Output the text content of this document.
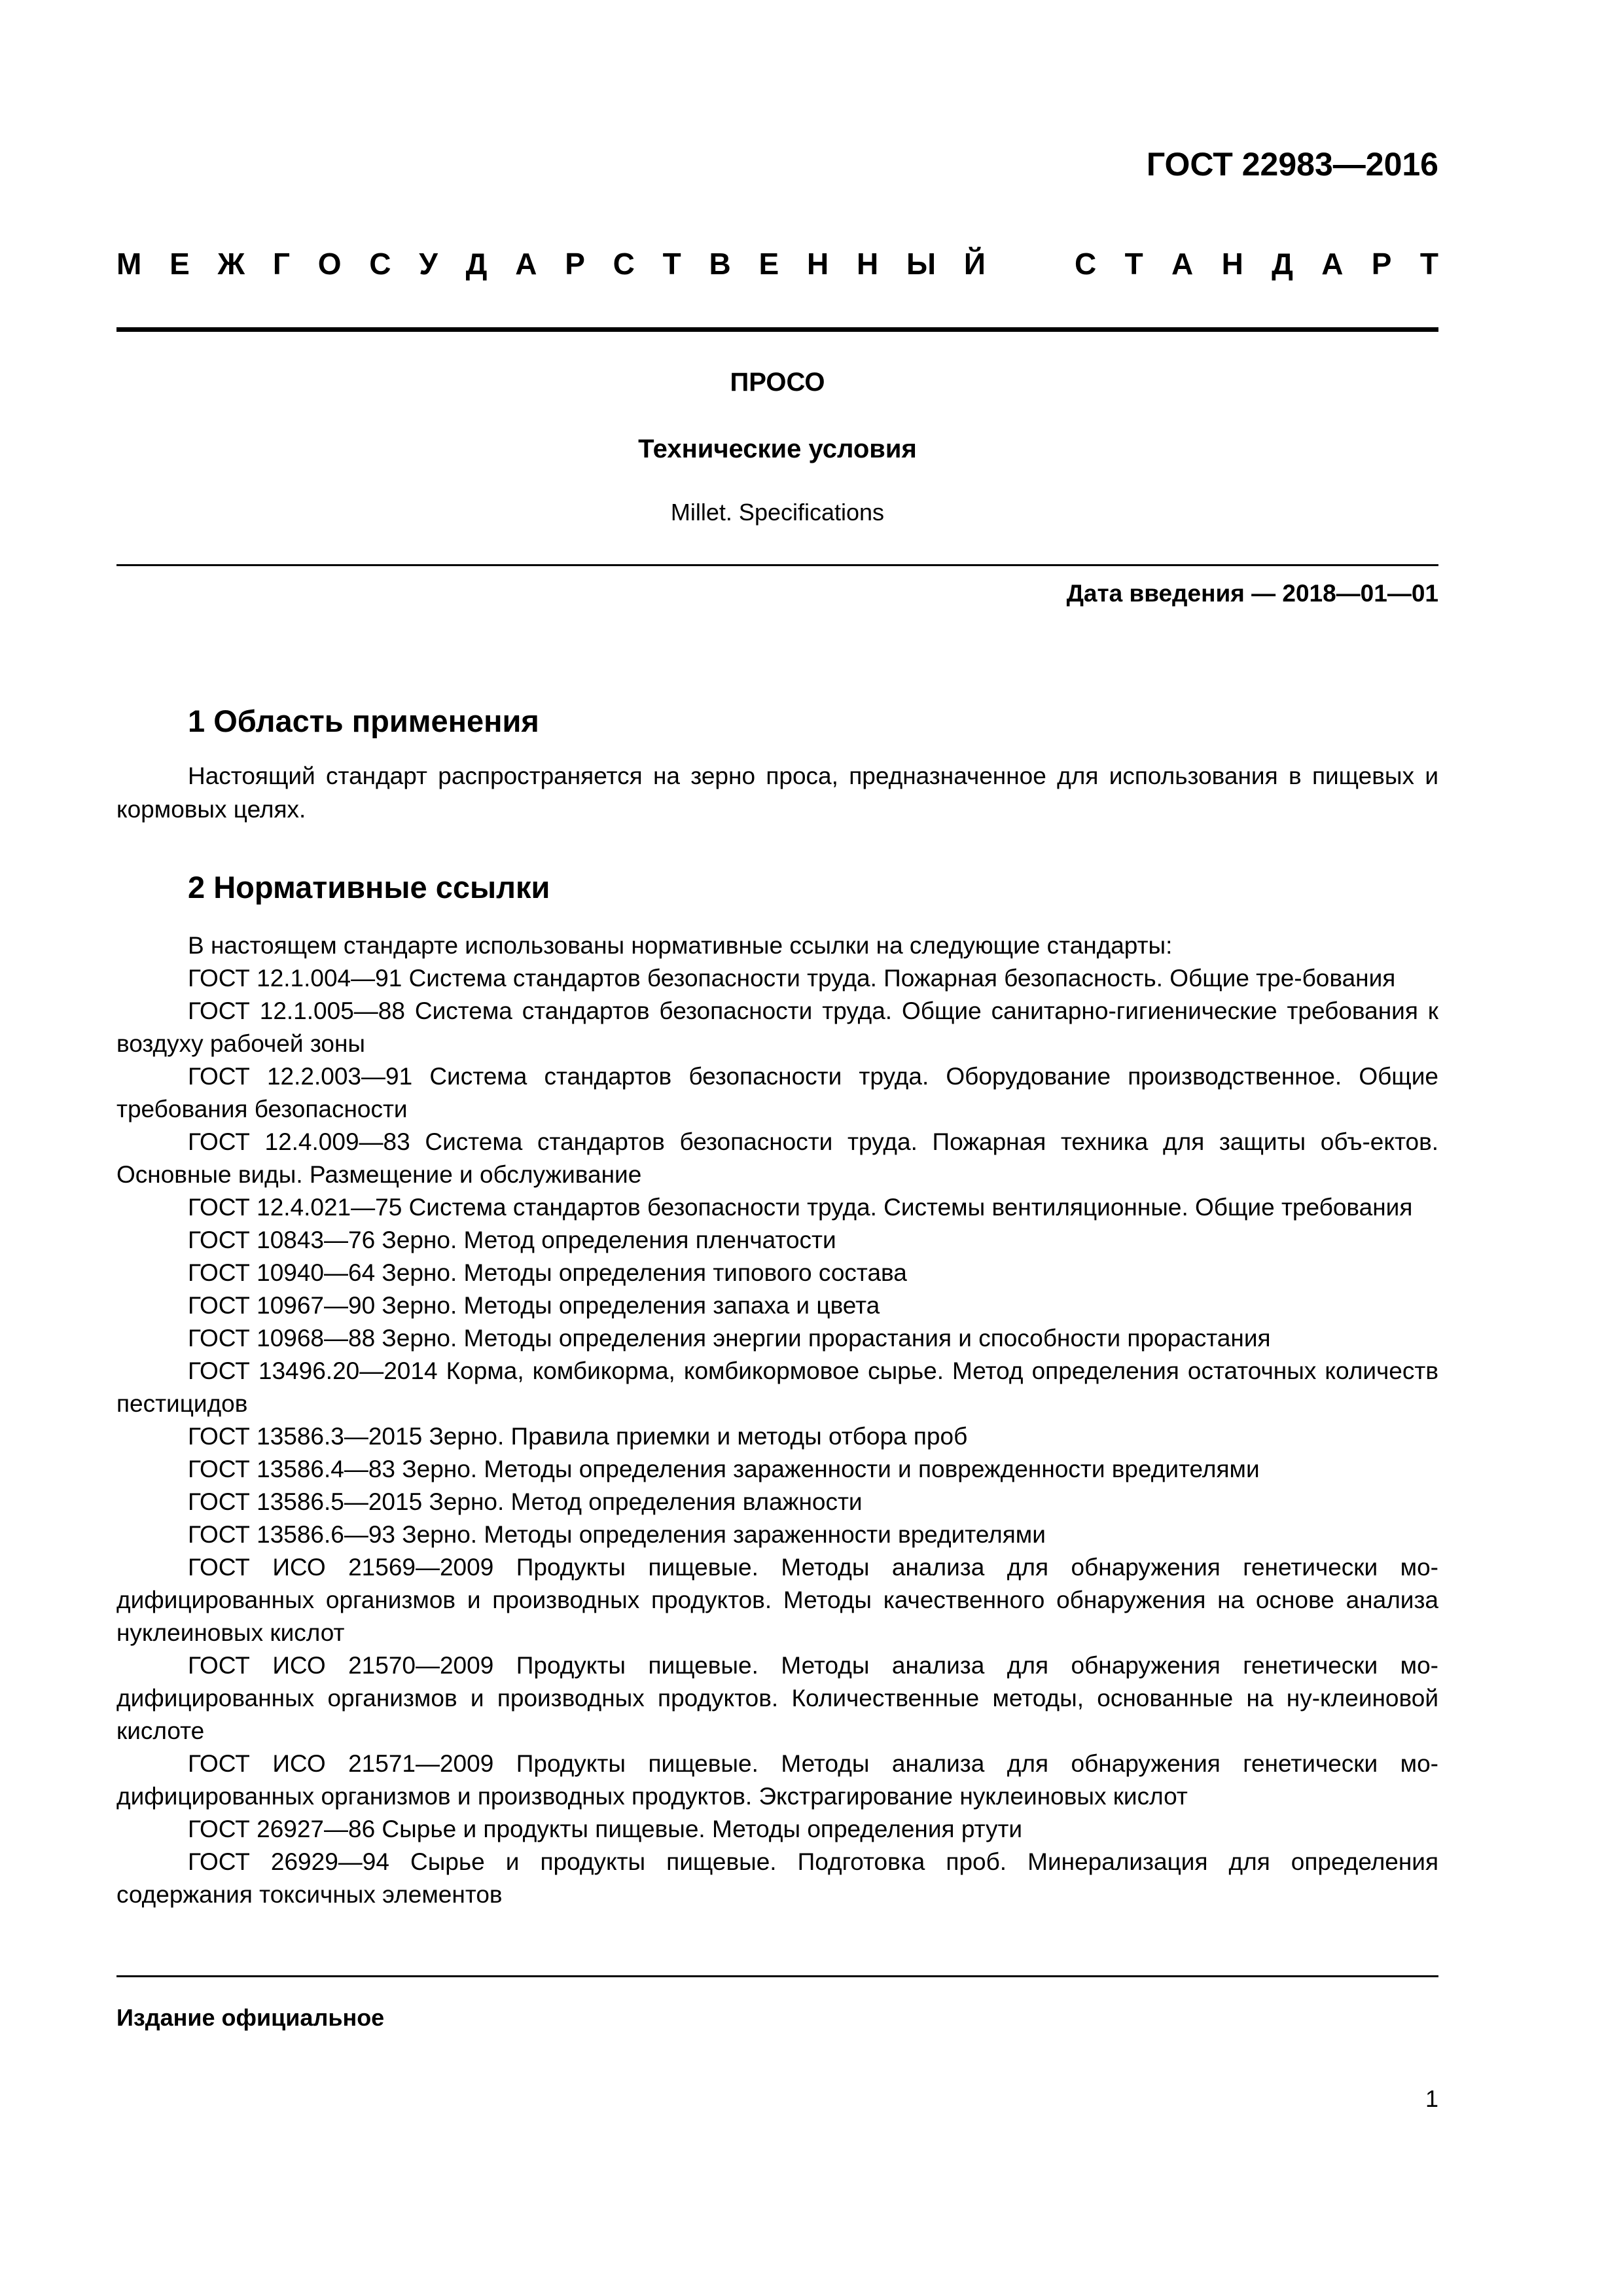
ГОСТ 22983—2016
М Е Ж Г О С У Д А Р С Т В Е Н Н Ы Й	С Т А Н Д А Р Т
ПРОСО
Технические условия
Millet. Specifications
Дата введения — 2018—01—01
1 Область применения

Настоящий стандарт распространяется на зерно проса, предназначенное для использования в пищевых и кормовых целях.

2 Нормативные ссылки

В настоящем стандарте использованы нормативные ссылки на следующие стандарты:

ГОСТ 12.1.004—91 Система стандартов безопасности труда. Пожарная безопасность. Общие тре-бования

ГОСТ 12.1.005—88 Система стандартов безопасности труда. Общие санитарно-гигиенические требования к воздуху рабочей зоны

ГОСТ 12.2.003—91 Система стандартов безопасности труда. Оборудование производственное. Общие требования безопасности

ГОСТ 12.4.009—83 Система стандартов безопасности труда. Пожарная техника для защиты объ-ектов. Основные виды. Размещение и обслуживание

ГОСТ 12.4.021—75 Система стандартов безопасности труда. Системы вентиляционные. Общие требования

ГОСТ 10843—76 Зерно. Метод определения пленчатости

ГОСТ 10940—64 Зерно. Методы определения типового состава

ГОСТ 10967—90 Зерно. Методы определения запаха и цвета

ГОСТ 10968—88 Зерно. Методы определения энергии прорастания и способности прорастания

ГОСТ 13496.20—2014 Корма, комбикорма, комбикормовое сырье. Метод определения остаточных количеств пестицидов

ГОСТ 13586.3—2015 Зерно. Правила приемки и методы отбора проб

ГОСТ 13586.4—83 Зерно. Методы определения зараженности и поврежденности вредителями

ГОСТ 13586.5—2015 Зерно. Метод определения влажности

ГОСТ 13586.6—93 Зерно. Методы определения зараженности вредителями

ГОСТ ИСО 21569—2009 Продукты пищевые. Методы анализа для обнаружения генетически мо-дифицированных организмов и производных продуктов. Методы качественного обнаружения на основе анализа нуклеиновых кислот

ГОСТ ИСО 21570—2009 Продукты пищевые. Методы анализа для обнаружения генетически мо-дифицированных организмов и производных продуктов. Количественные методы, основанные на ну-клеиновой кислоте

ГОСТ ИСО 21571—2009 Продукты пищевые. Методы анализа для обнаружения генетически мо-дифицированных организмов и производных продуктов. Экстрагирование нуклеиновых кислот

ГОСТ 26927—86 Сырье и продукты пищевые. Методы определения ртути

ГОСТ 26929—94 Сырье и продукты пищевые. Подготовка проб. Минерализация для определения содержания токсичных элементов

Издание официальное
1
